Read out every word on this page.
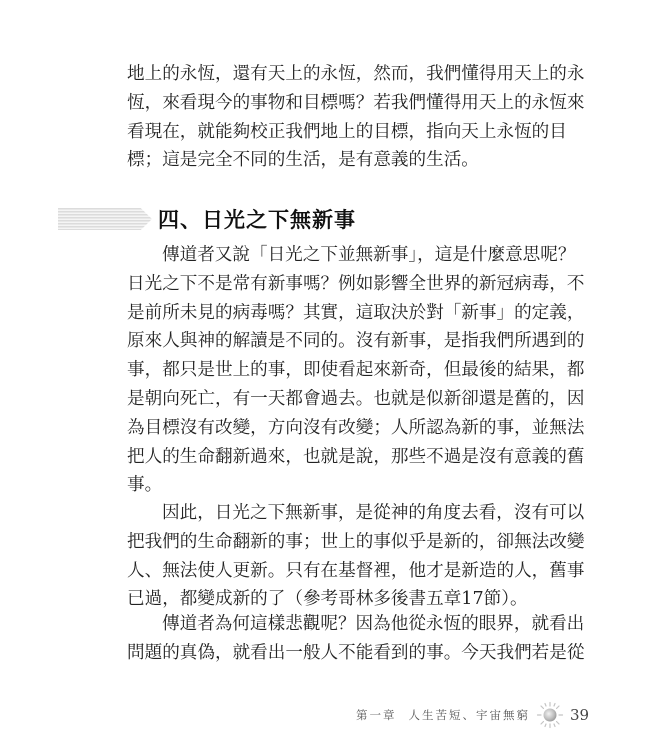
地上的永恆，還有天上的永恆，然而，我們懂得用天上的永
恆，來看現今的事物和目標嗎？若我們懂得用天上的永恆來
看現在，就能夠校正我們地上的目標，指向天上永恆的目
標；這是完全不同的生活，是有意義的生活。

四、日光之下無新事

傳道者又說「日光之下並無新事」，這是什麼意思呢？
日光之下不是常有新事嗎？例如影響全世界的新冠病毒，不
是前所未見的病毒嗎？其實，這取決於對「新事」的定義，
原來人與神的解讀是不同的。沒有新事，是指我們所遇到的
事，都只是世上的事，即使看起來新奇，但最後的結果，都
是朝向死亡，有一天都會過去。也就是似新卻還是舊的，因
為目標沒有改變，方向沒有改變；人所認為新的事，並無法
把人的生命翻新過來，也就是說，那些不過是沒有意義的舊
事。

因此，日光之下無新事，是從神的角度去看，沒有可以
把我們的生命翻新的事；世上的事似乎是新的，卻無法改變
人、無法使人更新。只有在基督裡，他才是新造的人，舊事
已過，都變成新的了（參考哥林多後書五章17節）。

傳道者為何這樣悲觀呢？因為他從永恆的眼界，就看出
問題的真偽，就看出一般人不能看到的事。今天我們若是從

第一章 人生苦短、宇宙無窮	39
